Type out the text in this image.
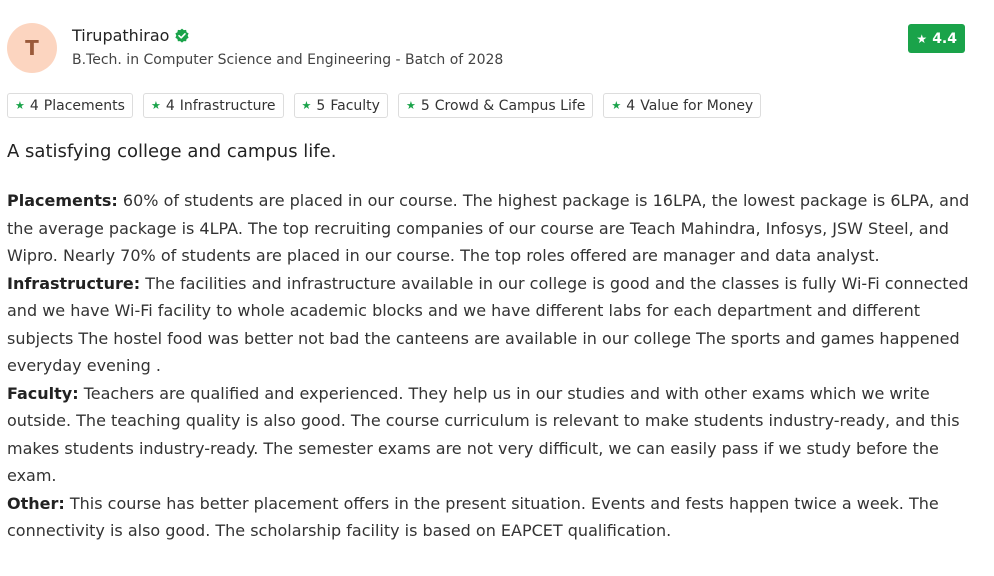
T
Tirupathirao
B.Tech. in Computer Science and Engineering - Batch of 2028
★ 4.4
★ 4 Placements ★ 4 Infrastructure ★ 5 Faculty ★ 5 Crowd & Campus Life ★ 4 Value for Money
A satisfying college and campus life.

Placements: 60% of students are placed in our course. The highest package is 16LPA, the lowest package is 6LPA, and the average package is 4LPA. The top recruiting companies of our course are Teach Mahindra, Infosys, JSW Steel, and Wipro. Nearly 70% of students are placed in our course. The top roles offered are manager and data analyst.

Infrastructure: The facilities and infrastructure available in our college is good and the classes is fully Wi-Fi connected and we have Wi-Fi facility to whole academic blocks and we have different labs for each department and different subjects The hostel food was better not bad the canteens are available in our college The sports and games happened everyday evening .

Faculty: Teachers are qualified and experienced. They help us in our studies and with other exams which we write outside. The teaching quality is also good. The course curriculum is relevant to make students industry-ready, and this makes students industry-ready. The semester exams are not very difficult, we can easily pass if we study before the exam.

Other: This course has better placement offers in the present situation. Events and fests happen twice a week. The connectivity is also good. The scholarship facility is based on EAPCET qualification.
